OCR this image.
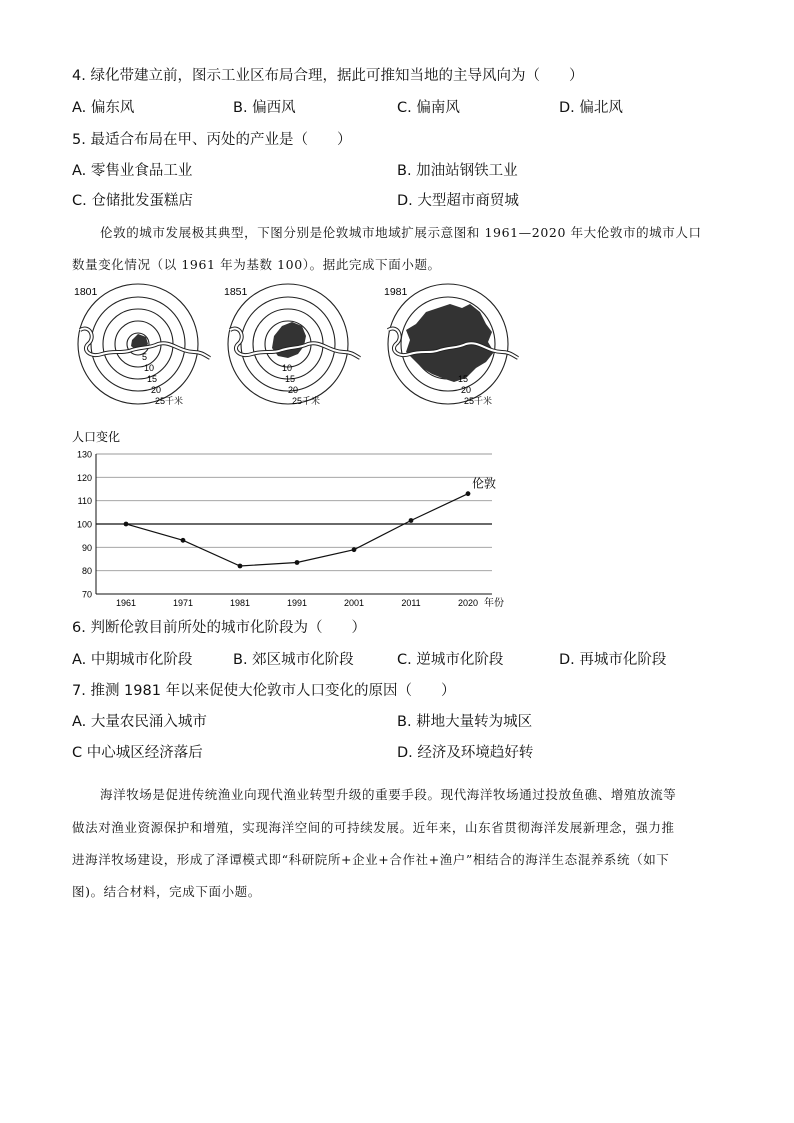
4. 绿化带建立前，图示工业区布局合理，据此可推知当地的主导风向为（　　）
A. 偏东风	B. 偏西风	C. 偏南风	D. 偏北风
5. 最适合布局在甲、丙处的产业是（　　）
A. 零售业食品工业	B. 加油站钢铁工业
C. 仓储批发蛋糕店	D. 大型超市商贸城
伦敦的城市发展极其典型，下图分别是伦敦城市地域扩展示意图和 1961—2020 年大伦敦市的城市人口
数量变化情况（以 1961 年为基数 100）。据此完成下面小题。
1801
5
10
15
20
25千米
1851
10
15
20
25千米
1981
15
20
25千米
人口变化
130
120
110
100
90
80
70
1961	1971	1981	1991	2001	2011	2020
伦敦
年份
6. 判断伦敦目前所处的城市化阶段为（　　）
A. 中期城市化阶段	B. 郊区城市化阶段	C. 逆城市化阶段	D. 再城市化阶段
7. 推测 1981 年以来促使大伦敦市人口变化的原因（　　）
A. 大量农民涌入城市	B. 耕地大量转为城区
C 中心城区经济落后	D. 经济及环境趋好转
海洋牧场是促进传统渔业向现代渔业转型升级的重要手段。现代海洋牧场通过投放鱼礁、增殖放流等
做法对渔业资源保护和增殖，实现海洋空间的可持续发展。近年来，山东省贯彻海洋发展新理念，强力推
进海洋牧场建设，形成了泽谭模式即“科研院所+企业+合作社+渔户”相结合的海洋生态混养系统（如下
图)。结合材料，完成下面小题。
